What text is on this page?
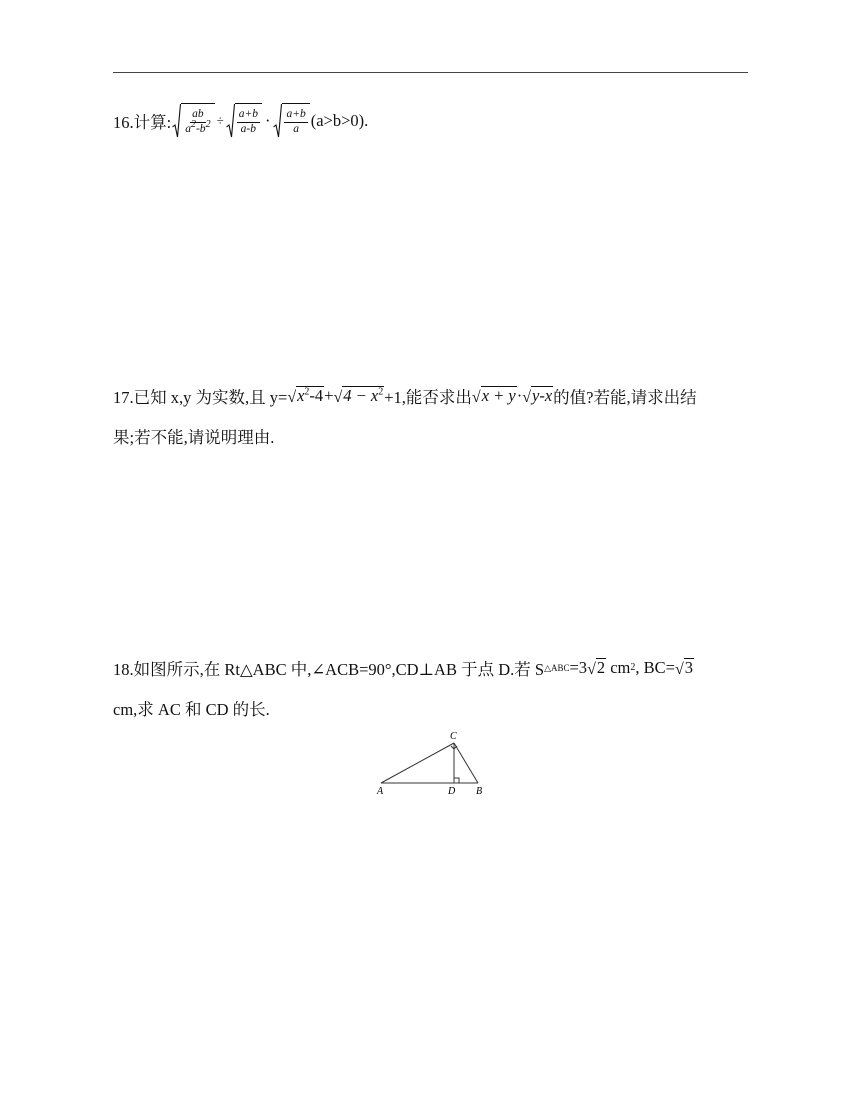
16.计算: $\frac{ab}{a2-b2} \div \frac{a+b}{a-b} \cdot \frac{a+b}{a} (a>b>0)$.
17.已知 x,y 为实数,且 y= √ $x^2-4$ + √ $4 - x^2 +1$,能否求出 √ x + y · √ y-x 的值?若能,请求出结
果;若不能,请说明理由.
18.如图所示,在 Rt△ABC 中,∠ACB=90°,CD⊥AB 于点 D.若 S △ABC =3 √ 2 cm 2 , BC= √ 3
cm,求 AC 和 CD 的长.
A	B
C
D
